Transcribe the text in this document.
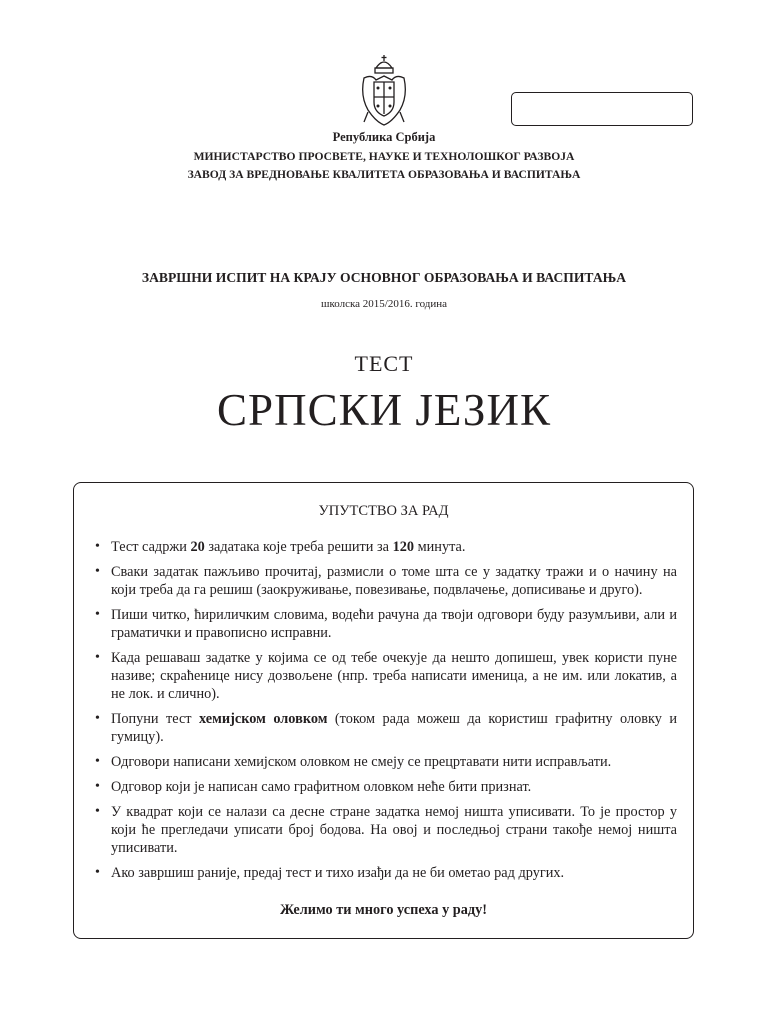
Република Србија
МИНИСТАРСТВО ПРОСВЕТЕ, НАУКЕ И ТЕХНОЛОШКОГ РАЗВОЈА
ЗАВОД ЗА ВРЕДНОВАЊЕ КВАЛИТЕТА ОБРАЗОВАЊА И ВАСПИТАЊА
ЗАВРШНИ ИСПИТ НА КРАЈУ ОСНОВНОГ ОБРАЗОВАЊА И ВАСПИТАЊА
школска 2015/2016. година
ТЕСТ
СРПСКИ ЈЕЗИК
УПУТСТВО ЗА РАД
• Тест садржи 20 задатака које треба решити за 120 минута.
• Сваки задатак пажљиво прочитај, размисли о томе шта се у задатку тражи и о начину на који треба да га решиш (заокруживање, повезивање, подвлачење, дописивање и друго).
• Пиши читко, ћириличким словима, водећи рачуна да твоји одговори буду разумљиви, али и граматички и правописно исправни.
• Када решаваш задатке у којима се од тебе очекује да нешто допишеш, увек користи пуне називе; скраћенице нису дозвољене (нпр. треба написати именица, а не им. или локатив, а не лок. и слично).
• Попуни тест хемијском оловком (током рада можеш да користиш графитну оловку и гумицу).
• Одговори написани хемијском оловком не смеју се прецртавати нити исправљати.
• Одговор који је написан само графитном оловком неће бити признат.
• У квадрат који се налази са десне стране задатка немој ништа уписивати. То је простор у који ће прегледачи уписати број бодова. На овој и последњој страни такође немој ништа уписивати.
• Ако завршиш раније, предај тест и тихо изађи да не би ометао рад других.
Желимо ти много успеха у раду!
